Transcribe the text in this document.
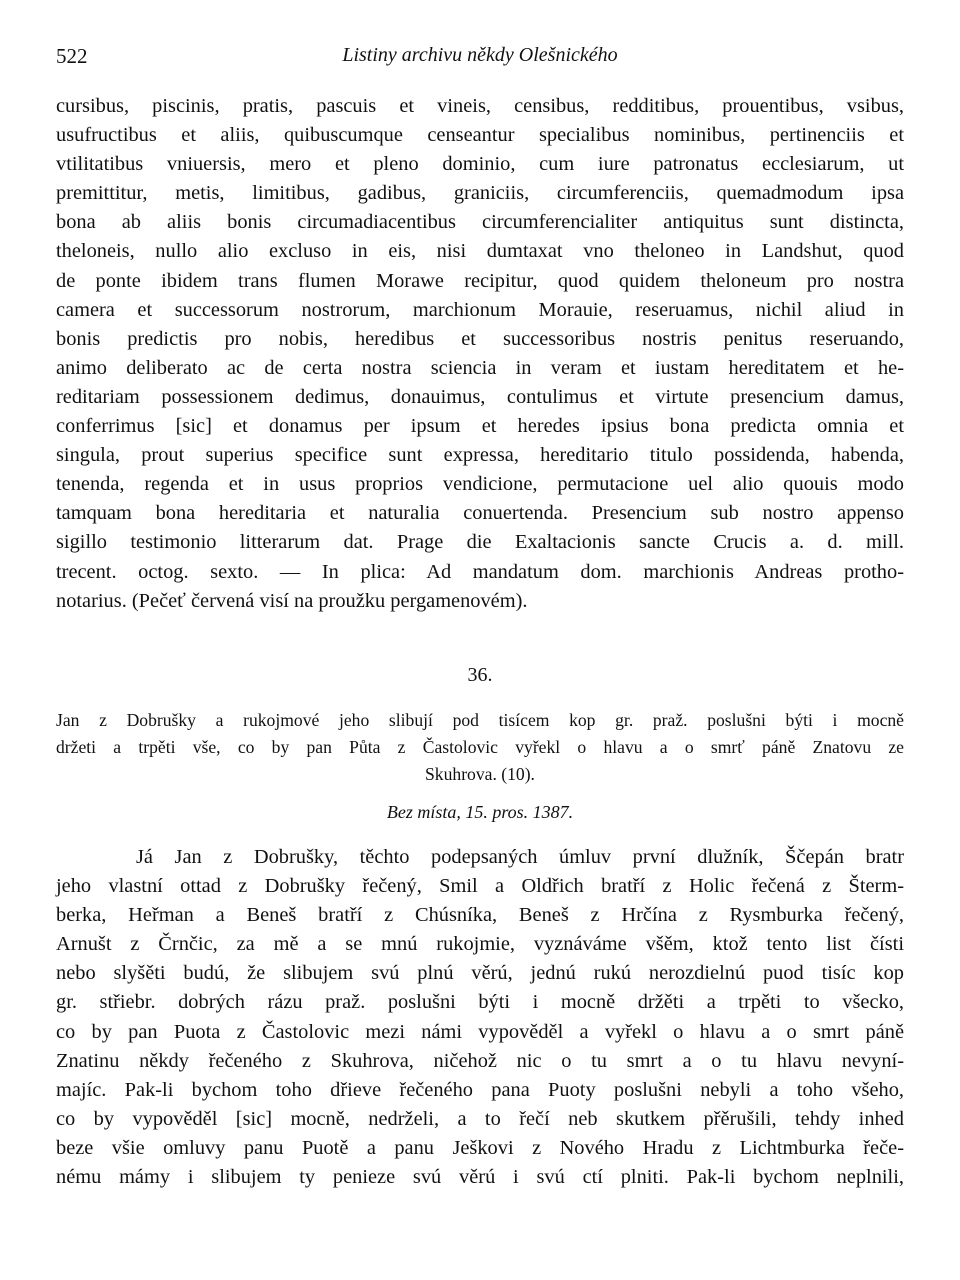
522	Listiny archivu někdy Olešnického
cursibus, piscinis, pratis, pascuis et vineis, censibus, redditibus, prouentibus, vsibus,
usufructibus et aliis, quibuscumque censeantur specialibus nominibus, pertinenciis et
vtilitatibus vniuersis, mero et pleno dominio, cum iure patronatus ecclesiarum, ut
premittitur, metis, limitibus, gadibus, graniciis, circumferenciis, quemadmodum ipsa
bona ab aliis bonis circumadiacentibus circumferencialiter antiquitus sunt distincta,
theloneis, nullo alio excluso in eis, nisi dumtaxat vno theloneo in Landshut, quod
de ponte ibidem trans flumen Morawe recipitur, quod quidem theloneum pro nostra
camera et successorum nostrorum, marchionum Morauie, reseruamus, nichil aliud in
bonis predictis pro nobis, heredibus et successoribus nostris penitus reseruando,
animo deliberato ac de certa nostra sciencia in veram et iustam hereditatem et he-
reditariam possessionem dedimus, donauimus, contulimus et virtute presencium damus,
conferrimus [sic] et donamus per ipsum et heredes ipsius bona predicta omnia et
singula, prout superius specifice sunt expressa, hereditario titulo possidenda, habenda,
tenenda, regenda et in usus proprios vendicione, permutacione uel alio quouis modo
tamquam bona hereditaria et naturalia conuertenda. Presencium sub nostro appenso
sigillo testimonio litterarum dat. Prage die Exaltacionis sancte Crucis a. d. mill.
trecent. octog. sexto. — In plica: Ad mandatum dom. marchionis Andreas protho-
notarius. (Pečeť červená visí na proužku pergamenovém).
36.
Jan z Dobrušky a rukojmové jeho slibují pod tisícem kop gr. praž. poslušni býti i mocně
držeti a trpěti vše, co by pan Půta z Častolovic vyřekl o hlavu a o smrť páně Znatovu ze
Skuhrova. (10).
Bez místa, 15. pros. 1387.
Já Jan z Dobrušky, těchto podepsaných úmluv první dlužník, Ščepán bratr
jeho vlastní ottad z Dobrušky řečený, Smil a Oldřich bratří z Holic řečená z Šterm-
berka, Heřman a Beneš bratří z Chúsníka, Beneš z Hrčína z Rysmburka řečený,
Arnušt z Črnčic, za mě a se mnú rukojmie, vyznáváme všěm, ktož tento list čísti
nebo slyšěti budú, že slibujem svú plnú věrú, jednú rukú nerozdielnú puod tisíc kop
gr. střiebr. dobrých rázu praž. poslušni býti i mocně držěti a trpěti to všecko,
co by pan Puota z Častolovic mezi námi vypověděl a vyřekl o hlavu a o smrt páně
Znatinu někdy řečeného z Skuhrova, ničehož nic o tu smrt a o tu hlavu nevyní-
majíc. Pak-li bychom toho dřieve řečeného pana Puoty poslušni nebyli a toho všeho,
co by vypověděl [sic] mocně, nedrželi, a to řečí neb skutkem přěrušili, tehdy inhed
beze všie omluvy panu Puotě a panu Ješkovi z Nového Hradu z Lichtmburka řeče-
nému mámy i slibujem ty penieze svú věrú i svú ctí plniti. Pak-li bychom neplnili,
